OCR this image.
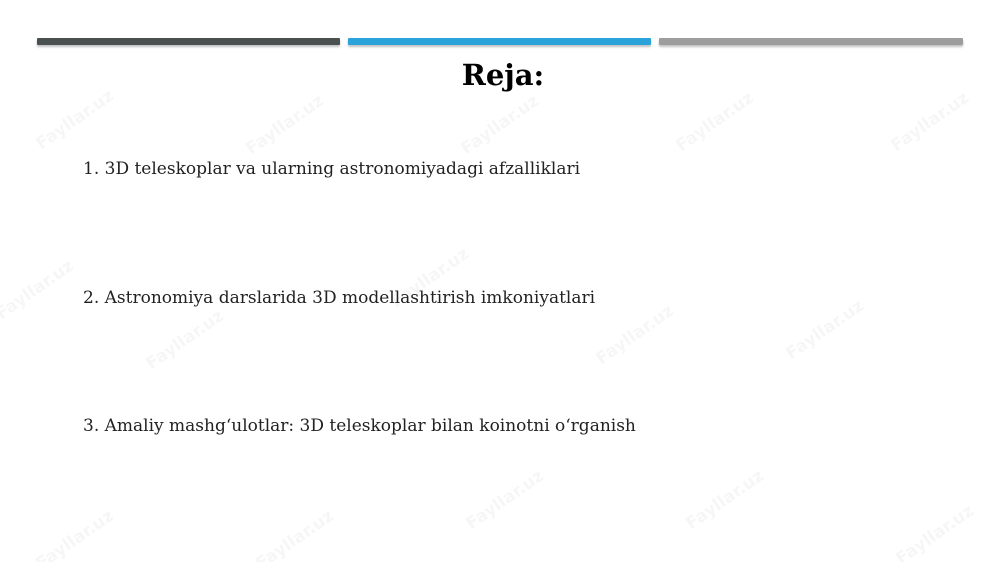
Reja:
1. 3D teleskoplar va ularning astronomiyadagi afzalliklari
2. Astronomiya darslarida 3D modellashtirish imkoniyatlari
3. Amaliy mashg‘ulotlar: 3D teleskoplar bilan koinotni o‘rganish
